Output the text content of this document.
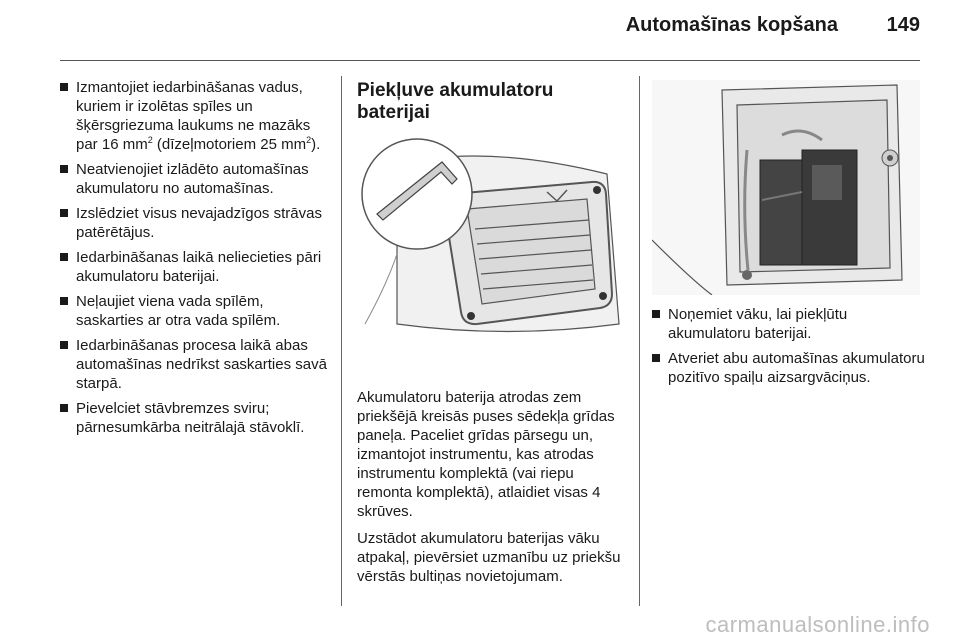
Automašīnas kopšana	149
Izmantojiet iedarbināšanas vadus, kuriem ir izolētas spīles un šķērsgriezuma laukums ne mazāks par 16 $mm^2$ (dīzeļmotoriem 25 $mm^2$).
Neatvienojiet izlādēto automašīnas akumulatoru no automašīnas.
Izslēdziet visus nevajadzīgos strāvas patērētājus.
Iedarbināšanas laikā neliecieties pāri akumulatoru baterijai.
Neļaujiet viena vada spīlēm, saskarties ar otra vada spīlēm.
Iedarbināšanas procesa laikā abas automašīnas nedrīkst saskarties savā starpā.
Pievelciet stāvbremzes sviru; pārnesumkārba neitrālajā stāvoklī.
Piekļuve akumulatoru baterijai

Akumulatoru baterija atrodas zem priekšējā kreisās puses sēdekļa grīdas paneļa. Paceliet grīdas pārsegu un, izmantojot instrumentu, kas atrodas instrumentu komplektā (vai riepu remonta komplektā), atlaidiet visas 4 skrūves.

Uzstādot akumulatoru baterijas vāku atpakaļ, pievērsiet uzmanību uz priekšu vērstās bultiņas novietojumam.

Noņemiet vāku, lai piekļūtu akumulatoru baterijai.
Atveriet abu automašīnas akumulatoru pozitīvo spaiļu aizsargvāciņus.
carmanualsonline.info
